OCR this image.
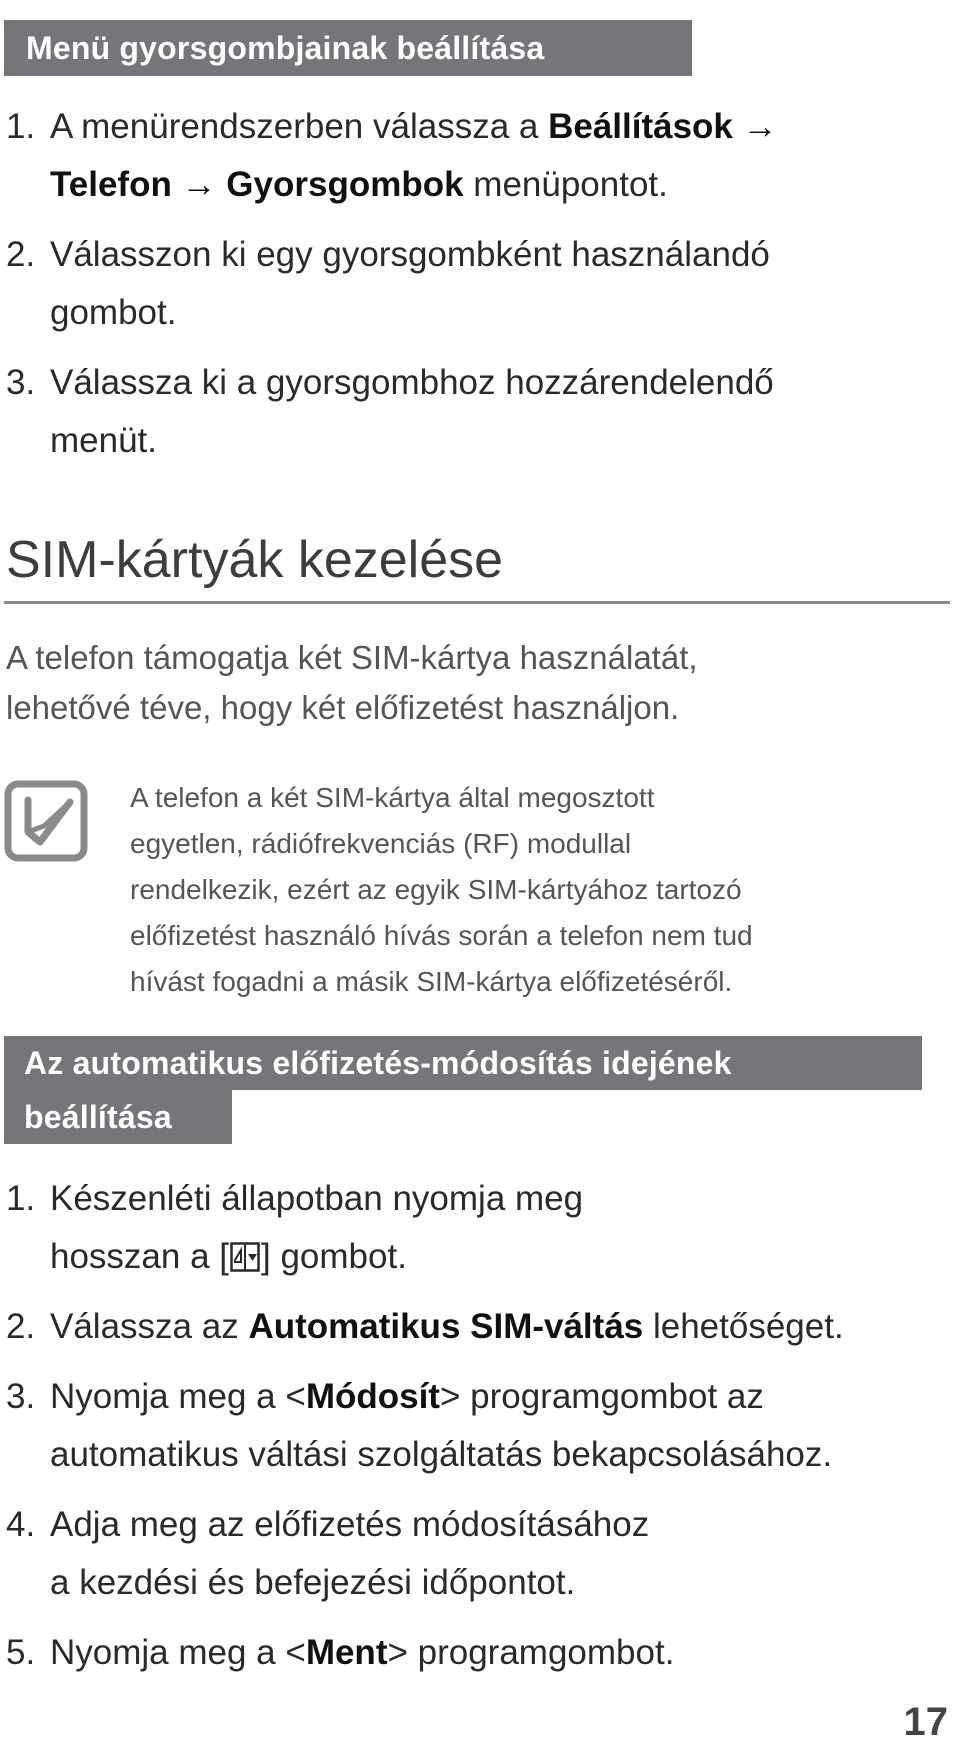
Menü gyorsgombjainak beállítása
1. A menürendszerben válassza a Beállítások →
Telefon → Gyorsgombok menüpontot.
2. Válasszon ki egy gyorsgombként használandó
gombot.
3. Válassza ki a gyorsgombhoz hozzárendelendő
menüt.
SIM-kártyák kezelése
A telefon támogatja két SIM-kártya használatát,
lehetővé téve, hogy két előfizetést használjon.
A telefon a két SIM-kártya által megosztott
egyetlen, rádiófrekvenciás (RF) modullal
rendelkezik, ezért az egyik SIM-kártyához tartozó
előfizetést használó hívás során a telefon nem tud
hívást fogadni a másik SIM-kártya előfizetéséről.
Az automatikus előfizetés-módosítás idejének
beállítása
1. Készenléti állapotban nyomja meg
hosszan a [ ] gombot.
2. Válassza az Automatikus SIM-váltás lehetőséget.
3. Nyomja meg a <Módosít> programgombot az
automatikus váltási szolgáltatás bekapcsolásához.
4. Adja meg az előfizetés módosításához
a kezdési és befejezési időpontot.
5. Nyomja meg a <Ment> programgombot.
17
